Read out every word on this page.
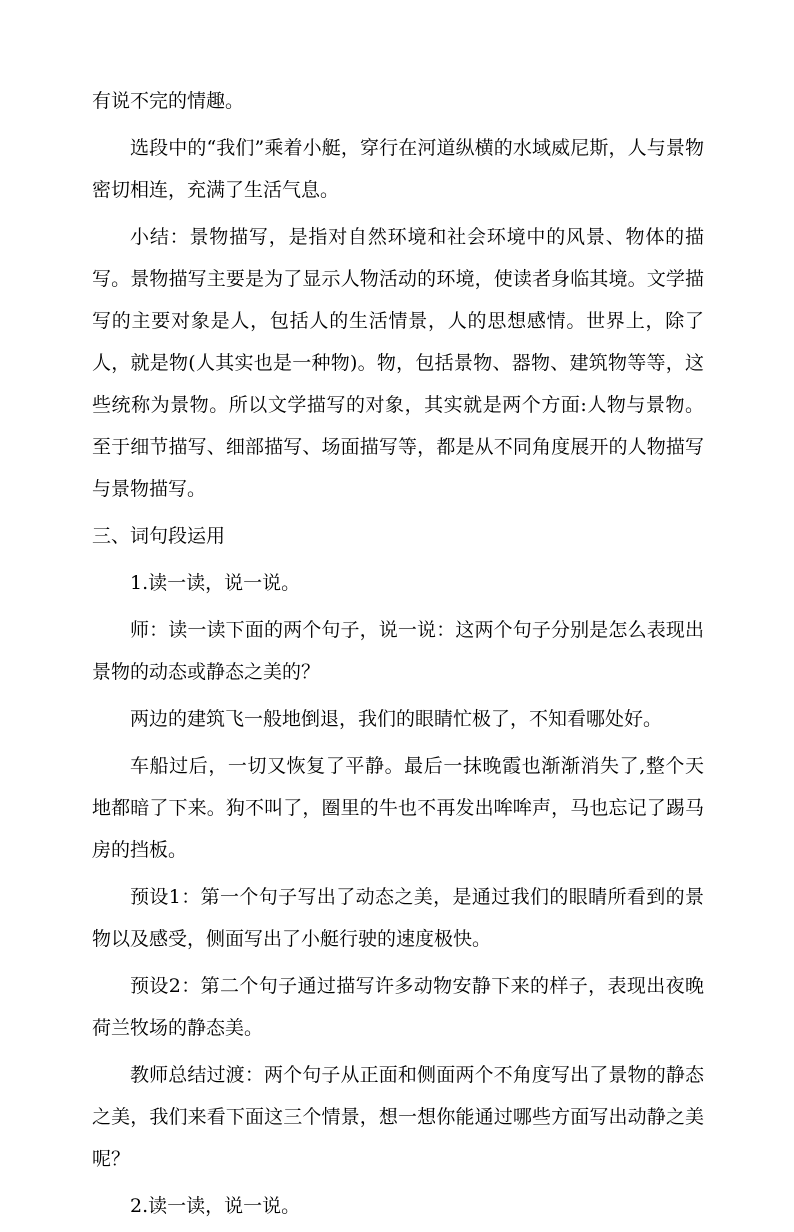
有说不完的情趣。

选段中的“我们”乘着小艇，穿行在河道纵横的水域威尼斯，人与景物密切相连，充满了生活气息。

小结：景物描写，是指对自然环境和社会环境中的风景、物体的描写。景物描写主要是为了显示人物活动的环境，使读者身临其境。文学描写的主要对象是人，包括人的生活情景，人的思想感情。世界上，除了人，就是物(人其实也是一种物)。物，包括景物、器物、建筑物等等，这些统称为景物。所以文学描写的对象，其实就是两个方面:人物与景物。至于细节描写、细部描写、场面描写等，都是从不同角度展开的人物描写与景物描写。

三、词句段运用

1.读一读，说一说。

师：读一读下面的两个句子，说一说：这两个句子分别是怎么表现出景物的动态或静态之美的？

两边的建筑飞一般地倒退，我们的眼睛忙极了，不知看哪处好。

车船过后，一切又恢复了平静。最后一抹晚霞也渐渐消失了,整个天地都暗了下来。狗不叫了，圈里的牛也不再发出哞哞声，马也忘记了踢马房的挡板。

预设1：第一个句子写出了动态之美，是通过我们的眼睛所看到的景物以及感受，侧面写出了小艇行驶的速度极快。

预设2：第二个句子通过描写许多动物安静下来的样子，表现出夜晚荷兰牧场的静态美。

教师总结过渡：两个句子从正面和侧面两个不角度写出了景物的静态之美，我们来看下面这三个情景，想一想你能通过哪些方面写出动静之美呢？

2.读一读，说一说。
